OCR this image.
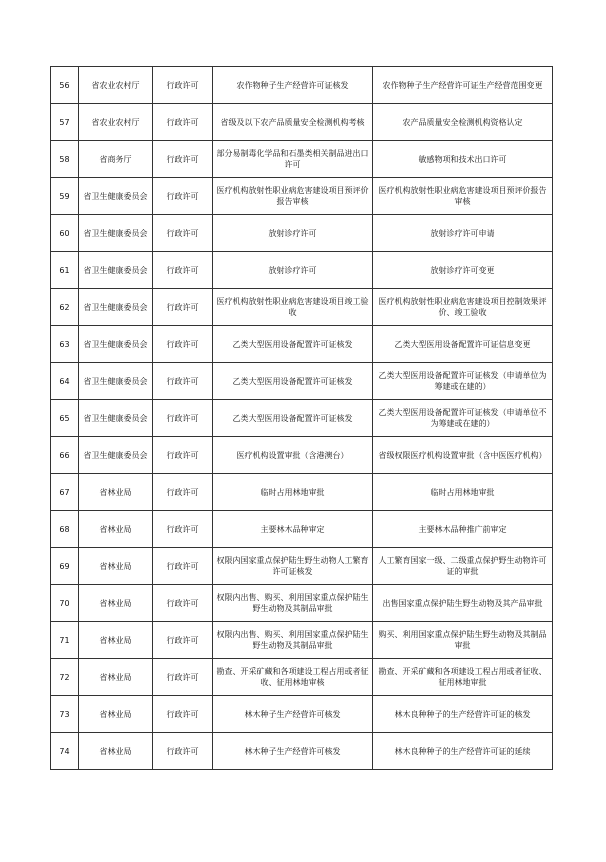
56	省农业农村厅	行政许可	农作物种子生产经营许可证核发	农作物种子生产经营许可证生产经营范围变更
57	省农业农村厅	行政许可	省级及以下农产品质量安全检测机构考核	农产品质量安全检测机构资格认定
58	省商务厅	行政许可	部分易制毒化学品和石墨类相关制品进出口许可	敏感物项和技术出口许可
59	省卫生健康委员会	行政许可	医疗机构放射性职业病危害建设项目预评价报告审核	医疗机构放射性职业病危害建设项目预评价报告审核
60	省卫生健康委员会	行政许可	放射诊疗许可	放射诊疗许可申请
61	省卫生健康委员会	行政许可	放射诊疗许可	放射诊疗许可变更
62	省卫生健康委员会	行政许可	医疗机构放射性职业病危害建设项目竣工验收	医疗机构放射性职业病危害建设项目控制效果评价、竣工验收
63	省卫生健康委员会	行政许可	乙类大型医用设备配置许可证核发	乙类大型医用设备配置许可证信息变更
64	省卫生健康委员会	行政许可	乙类大型医用设备配置许可证核发	乙类大型医用设备配置许可证核发（申请单位为筹建或在建的）
65	省卫生健康委员会	行政许可	乙类大型医用设备配置许可证核发	乙类大型医用设备配置许可证核发（申请单位不为筹建或在建的）
66	省卫生健康委员会	行政许可	医疗机构设置审批（含港澳台）	省级权限医疗机构设置审批（含中医医疗机构）
67	省林业局	行政许可	临时占用林地审批	临时占用林地审批
68	省林业局	行政许可	主要林木品种审定	主要林木品种推广前审定
69	省林业局	行政许可	权限内国家重点保护陆生野生动物人工繁育许可证核发	人工繁育国家一级、二级重点保护野生动物许可证的审批
70	省林业局	行政许可	权限内出售、购买、利用国家重点保护陆生野生动物及其制品审批	出售国家重点保护陆生野生动物及其产品审批
71	省林业局	行政许可	权限内出售、购买、利用国家重点保护陆生野生动物及其制品审批	购买、利用国家重点保护陆生野生动物及其制品审批
72	省林业局	行政许可	勘查、开采矿藏和各项建设工程占用或者征收、征用林地审核	勘查、开采矿藏和各项建设工程占用或者征收、征用林地审批
73	省林业局	行政许可	林木种子生产经营许可核发	林木良种种子的生产经营许可证的核发
74	省林业局	行政许可	林木种子生产经营许可核发	林木良种种子的生产经营许可证的延续
